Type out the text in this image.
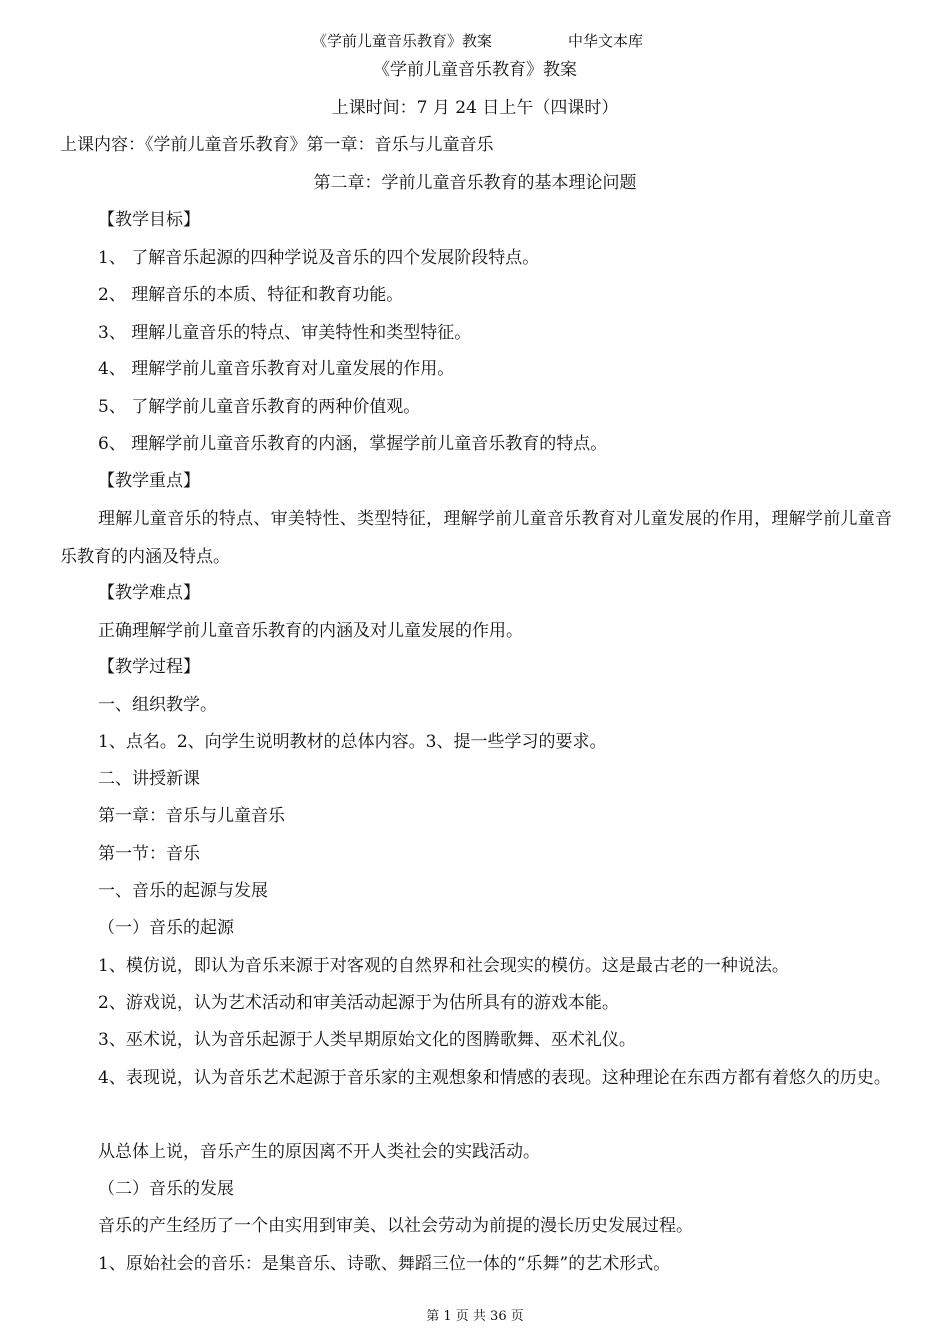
《学前儿童音乐教育》教案	中华文本库
《学前儿童音乐教育》教案
上课时间：7 月 24 日上午（四课时）
上课内容：《学前儿童音乐教育》第一章：音乐与儿童音乐
第二章：学前儿童音乐教育的基本理论问题
【教学目标】
1、 了解音乐起源的四种学说及音乐的四个发展阶段特点。
2、 理解音乐的本质、特征和教育功能。
3、 理解儿童音乐的特点、审美特性和类型特征。
4、 理解学前儿童音乐教育对儿童发展的作用。
5、 了解学前儿童音乐教育的两种价值观。
6、 理解学前儿童音乐教育的内涵，掌握学前儿童音乐教育的特点。
【教学重点】
理解儿童音乐的特点、审美特性、类型特征，理解学前儿童音乐教育对儿童发展的作用，理解学前儿童音乐教育的内涵及特点。
【教学难点】
正确理解学前儿童音乐教育的内涵及对儿童发展的作用。
【教学过程】
一、组织教学。
1、点名。2、向学生说明教材的总体内容。3、提一些学习的要求。
二、讲授新课
第一章：音乐与儿童音乐
第一节：音乐
一、音乐的起源与发展
（一）音乐的起源
1、模仿说，即认为音乐来源于对客观的自然界和社会现实的模仿。这是最古老的一种说法。
2、游戏说，认为艺术活动和审美活动起源于为估所具有的游戏本能。
3、巫术说，认为音乐起源于人类早期原始文化的图腾歌舞、巫术礼仪。
4、表现说，认为音乐艺术起源于音乐家的主观想象和情感的表现。这种理论在东西方都有着悠久的历史。
从总体上说，音乐产生的原因离不开人类社会的实践活动。
（二）音乐的发展
音乐的产生经历了一个由实用到审美、以社会劳动为前提的漫长历史发展过程。
1、原始社会的音乐：是集音乐、诗歌、舞蹈三位一体的“乐舞”的艺术形式。
第 1 页 共 36 页
